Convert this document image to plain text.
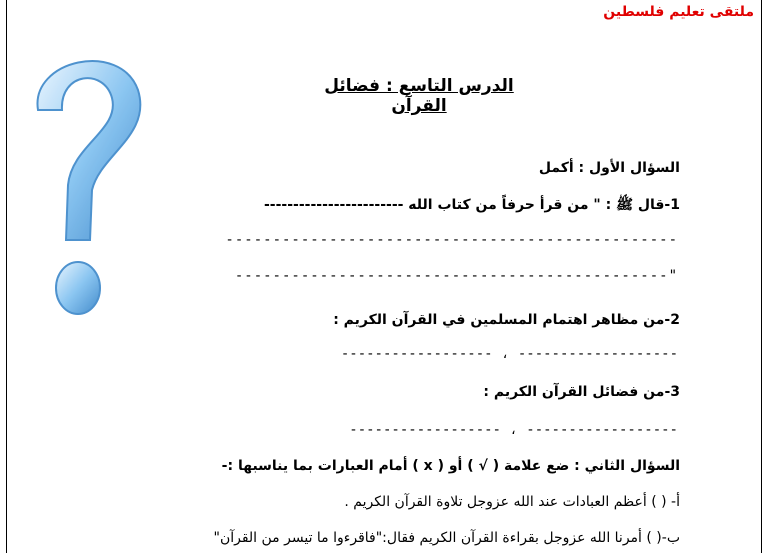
ملتقى تعليم فلسطين
الدرس التاسع : فضائل القرآن
السؤال الأول : أكمل
1-قال ﷺ : " من قرأ حرفاً من كتاب الله ------------------------
------------------------------------------------
"----------------------------------------------
2-من مظاهر اهتمام المسلمين في القرآن الكريم :
------------------- ، ------------------
3-من فضائل القرآن الكريم :
------------------ ، ------------------
السؤال الثاني : ضع علامة ( √ ) أو ( x ) أمام العبارات بما يناسبها :-
أ- ( ) أعظم العبادات عند الله عزوجل تلاوة القرآن الكريم .
ب-( ) أمرنا الله عزوجل بقراءة القرآن الكريم فقال:"فاقرءوا ما تيسر من القرآن"
